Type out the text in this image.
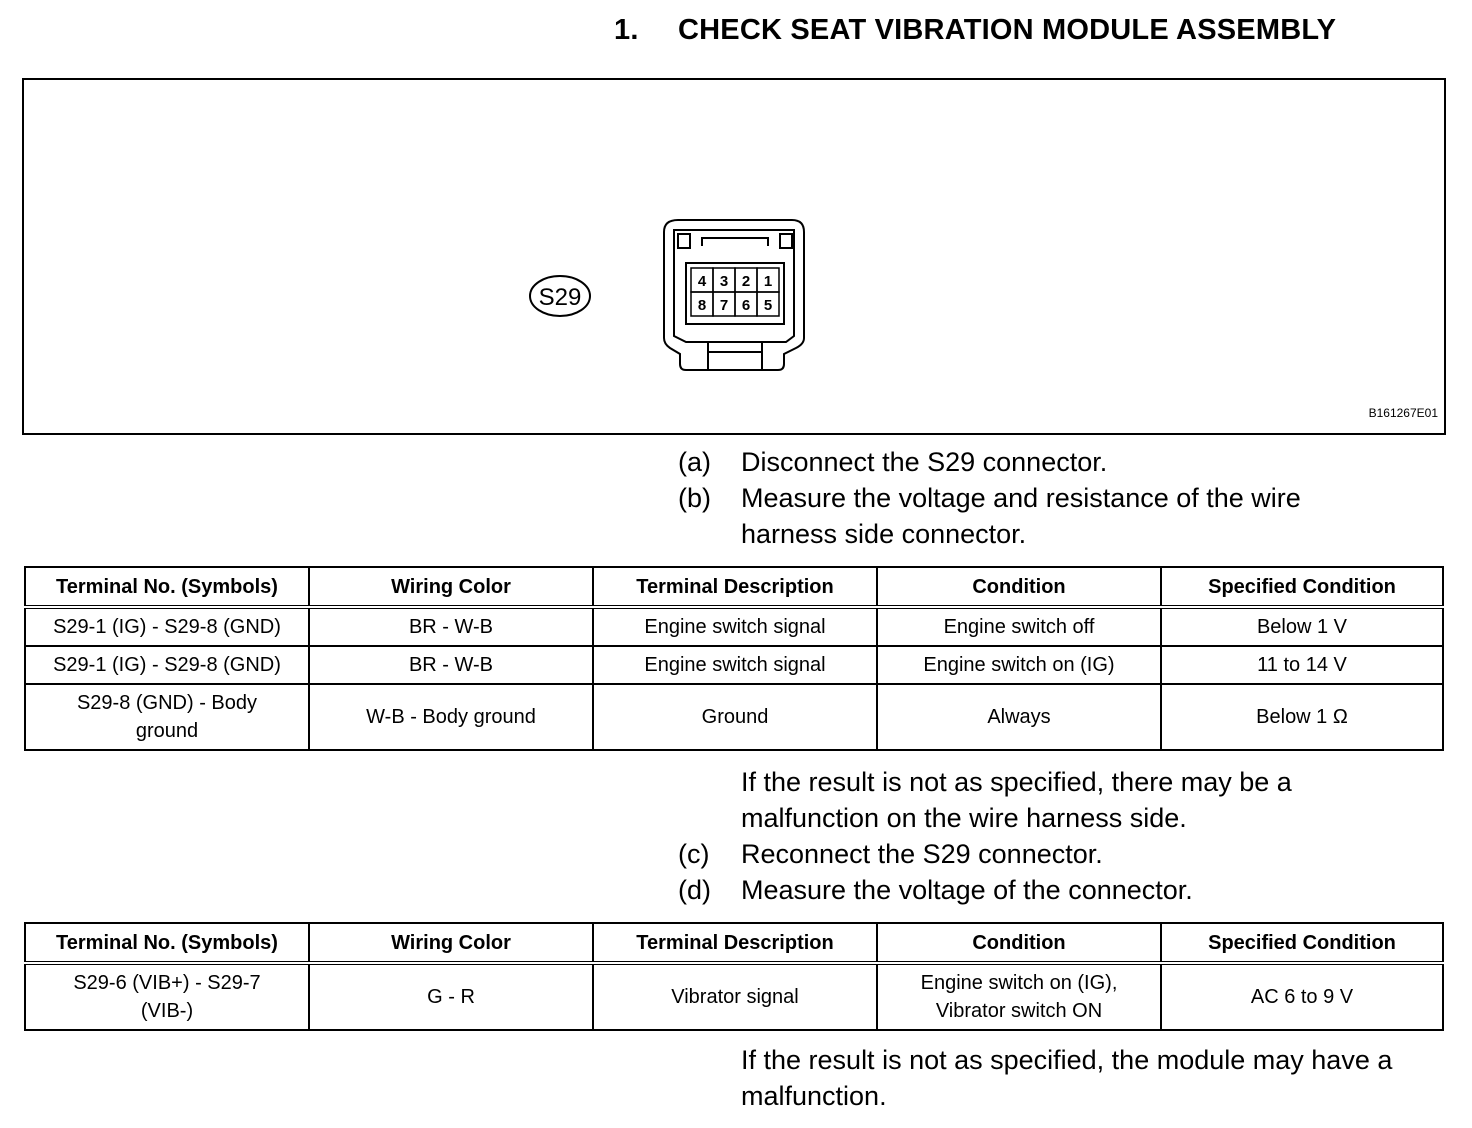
1. CHECK SEAT VIBRATION MODULE ASSEMBLY
S29
4 3 2 1
8 7 6 5
B161267E01
(a) Disconnect the S29 connector.
(b) Measure the voltage and resistance of the wire harness side connector.
Terminal No. (Symbols)	Wiring Color	Terminal Description	Condition	Specified Condition
S29-1 (IG) - S29-8 (GND)	BR - W-B	Engine switch signal	Engine switch off	Below 1 V
S29-1 (IG) - S29-8 (GND)	BR - W-B	Engine switch signal	Engine switch on (IG)	11 to 14 V
S29-8 (GND) - Body ground	W-B - Body ground	Ground	Always	Below 1 Ω
If the result is not as specified, there may be a malfunction on the wire harness side.
(c) Reconnect the S29 connector.
(d) Measure the voltage of the connector.
Terminal No. (Symbols)	Wiring Color	Terminal Description	Condition	Specified Condition
S29-6 (VIB+) - S29-7 (VIB-)	G - R	Vibrator signal	Engine switch on (IG), Vibrator switch ON	AC 6 to 9 V
If the result is not as specified, the module may have a malfunction.
